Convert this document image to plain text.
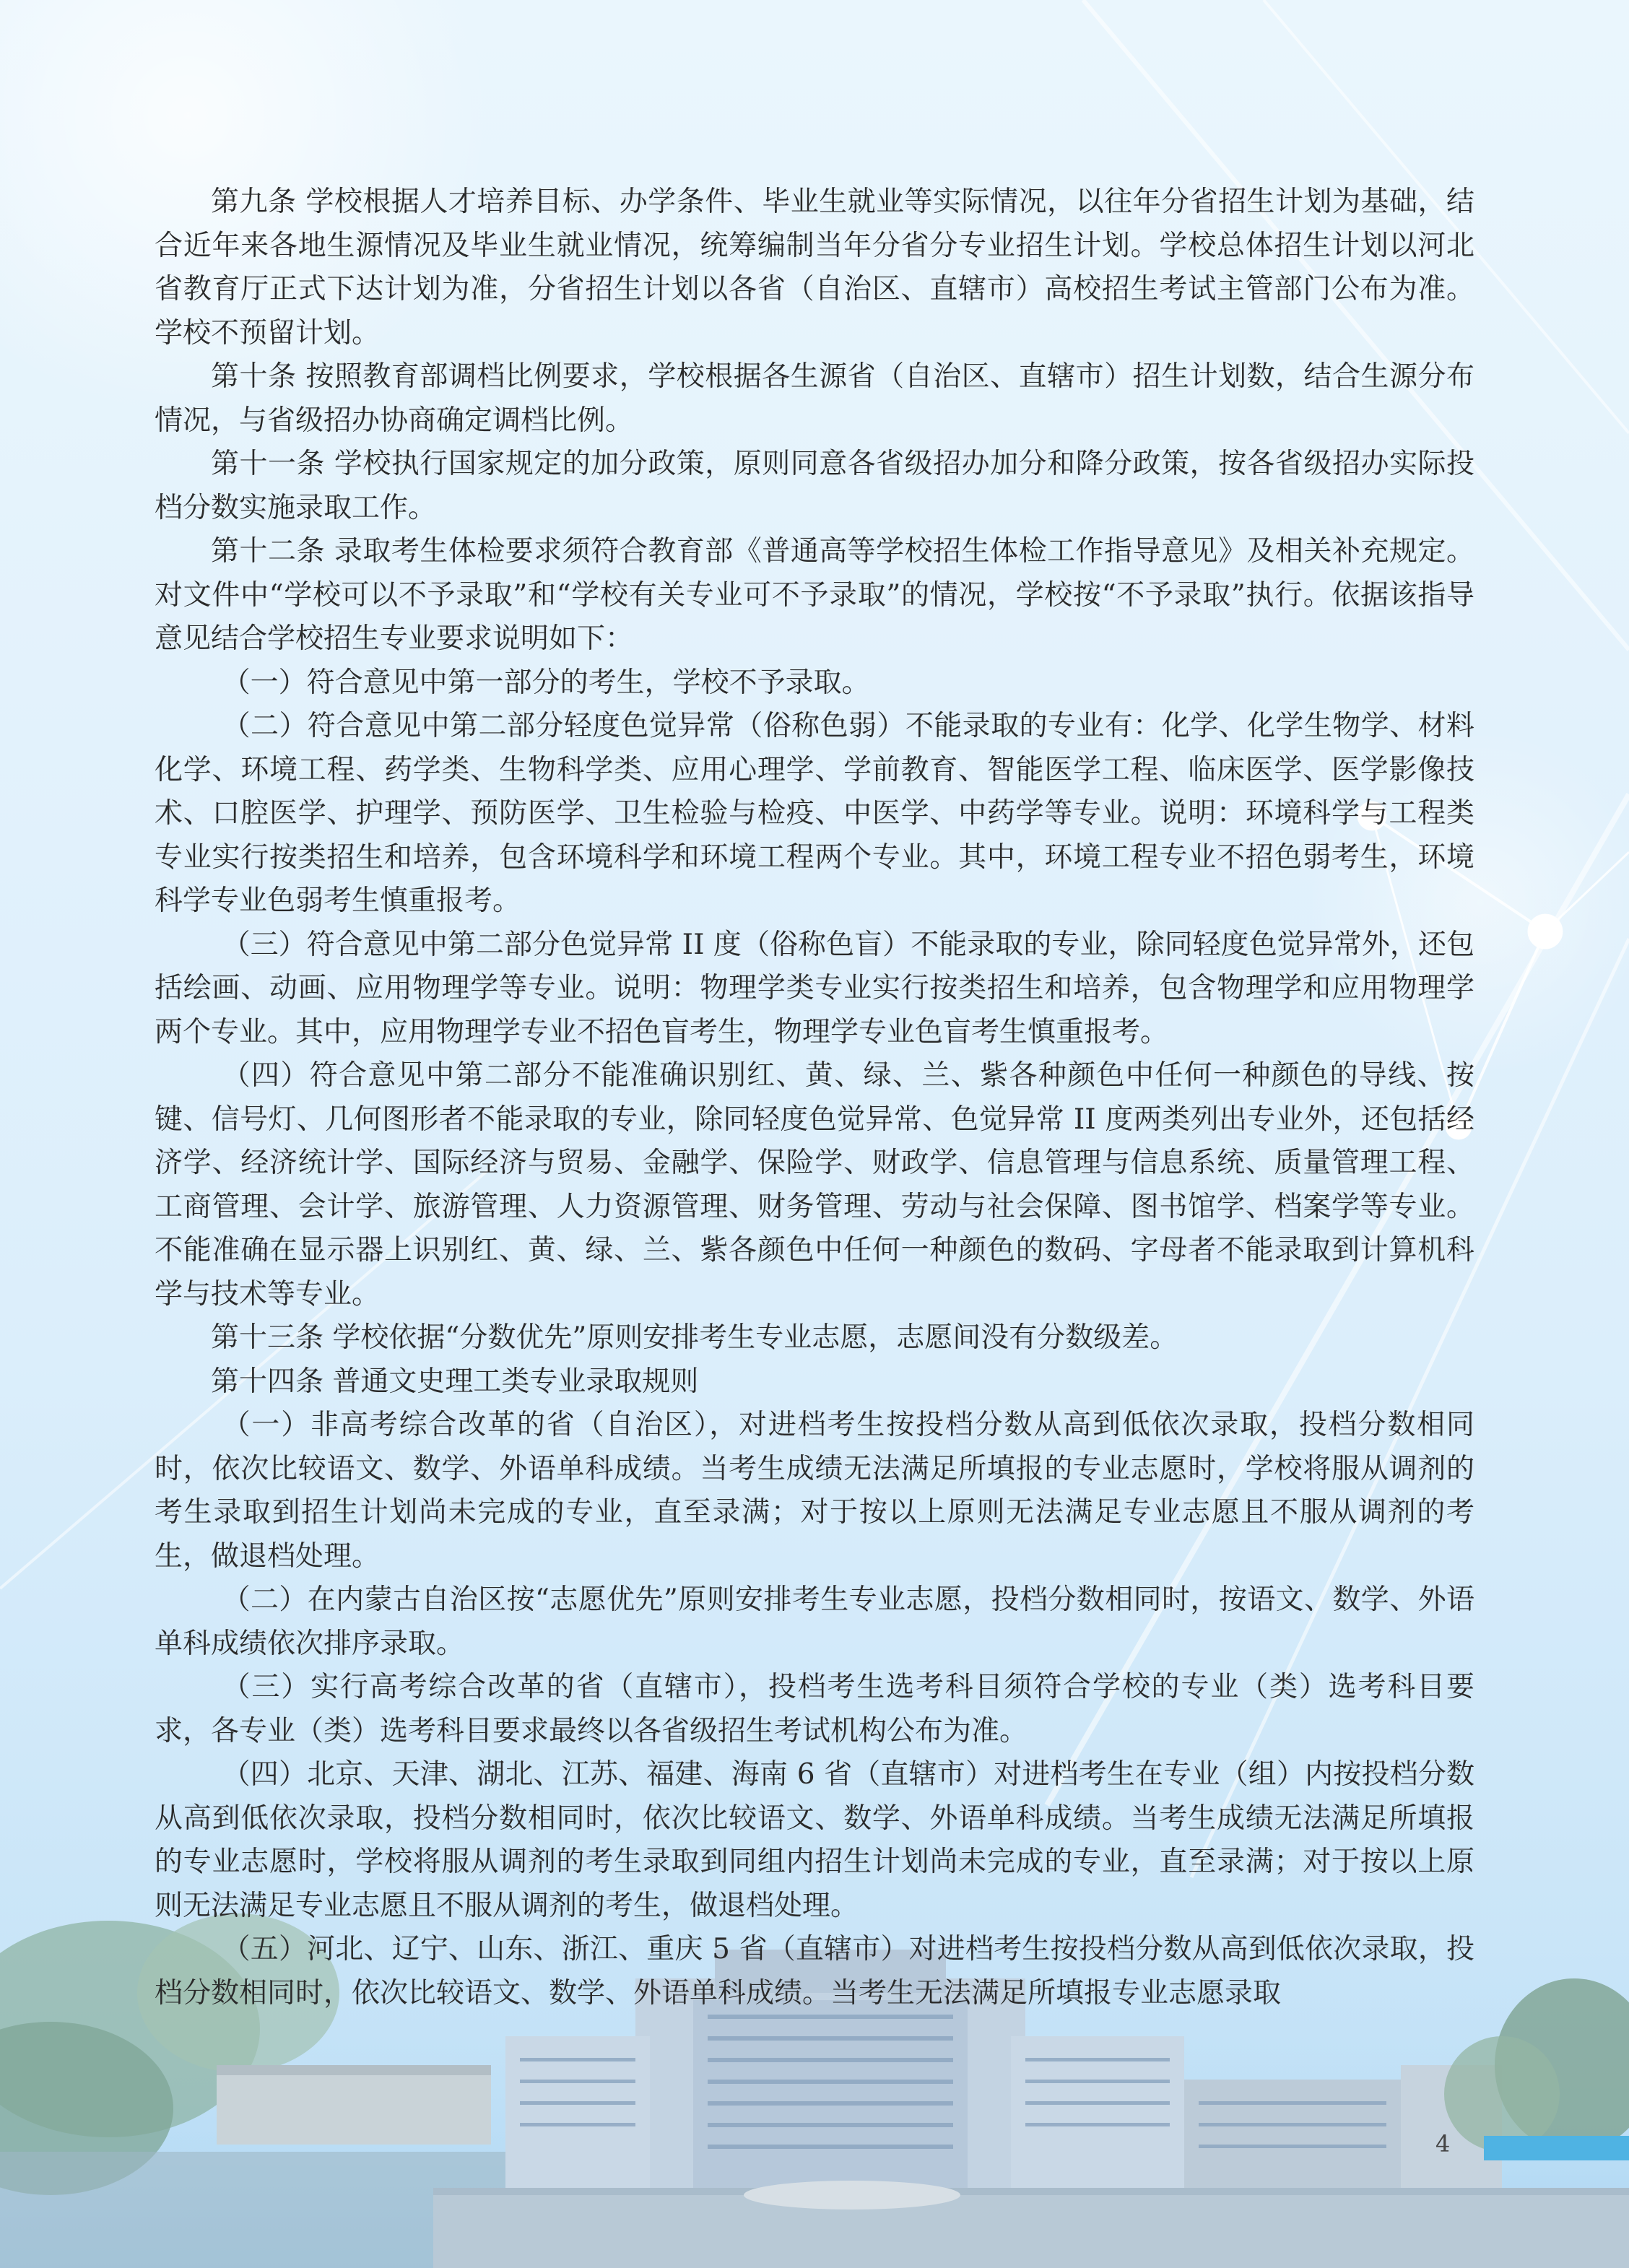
第九条 学校根据人才培养目标、办学条件、毕业生就业等实际情况，以往年分省招生计划为基础，结合近年来各地生源情况及毕业生就业情况，统筹编制当年分省分专业招生计划。学校总体招生计划以河北省教育厅正式下达计划为准，分省招生计划以各省（自治区、直辖市）高校招生考试主管部门公布为准。学校不预留计划。

第十条 按照教育部调档比例要求，学校根据各生源省（自治区、直辖市）招生计划数，结合生源分布情况，与省级招办协商确定调档比例。

第十一条 学校执行国家规定的加分政策，原则同意各省级招办加分和降分政策，按各省级招办实际投档分数实施录取工作。

第十二条 录取考生体检要求须符合教育部《普通高等学校招生体检工作指导意见》及相关补充规定。对文件中“学校可以不予录取”和“学校有关专业可不予录取”的情况，学校按“不予录取”执行。依据该指导意见结合学校招生专业要求说明如下：

（一）符合意见中第一部分的考生，学校不予录取。

（二）符合意见中第二部分轻度色觉异常（俗称色弱）不能录取的专业有：化学、化学生物学、材料化学、环境工程、药学类、生物科学类、应用心理学、学前教育、智能医学工程、临床医学、医学影像技术、口腔医学、护理学、预防医学、卫生检验与检疫、中医学、中药学等专业。说明：环境科学与工程类专业实行按类招生和培养，包含环境科学和环境工程两个专业。其中，环境工程专业不招色弱考生，环境科学专业色弱考生慎重报考。

（三）符合意见中第二部分色觉异常 II 度（俗称色盲）不能录取的专业，除同轻度色觉异常外，还包括绘画、动画、应用物理学等专业。说明：物理学类专业实行按类招生和培养，包含物理学和应用物理学两个专业。其中，应用物理学专业不招色盲考生，物理学专业色盲考生慎重报考。

（四）符合意见中第二部分不能准确识别红、黄、绿、兰、紫各种颜色中任何一种颜色的导线、按键、信号灯、几何图形者不能录取的专业，除同轻度色觉异常、色觉异常 II 度两类列出专业外，还包括经济学、经济统计学、国际经济与贸易、金融学、保险学、财政学、信息管理与信息系统、质量管理工程、工商管理、会计学、旅游管理、人力资源管理、财务管理、劳动与社会保障、图书馆学、档案学等专业。不能准确在显示器上识别红、黄、绿、兰、紫各颜色中任何一种颜色的数码、字母者不能录取到计算机科学与技术等专业。

第十三条 学校依据“分数优先”原则安排考生专业志愿，志愿间没有分数级差。

第十四条 普通文史理工类专业录取规则

（一）非高考综合改革的省（自治区），对进档考生按投档分数从高到低依次录取，投档分数相同时，依次比较语文、数学、外语单科成绩。当考生成绩无法满足所填报的专业志愿时，学校将服从调剂的考生录取到招生计划尚未完成的专业，直至录满；对于按以上原则无法满足专业志愿且不服从调剂的考生，做退档处理。

（二）在内蒙古自治区按“志愿优先”原则安排考生专业志愿，投档分数相同时，按语文、数学、外语单科成绩依次排序录取。

（三）实行高考综合改革的省（直辖市），投档考生选考科目须符合学校的专业（类）选考科目要求，各专业（类）选考科目要求最终以各省级招生考试机构公布为准。

（四）北京、天津、湖北、江苏、福建、海南 6 省（直辖市）对进档考生在专业（组）内按投档分数从高到低依次录取，投档分数相同时，依次比较语文、数学、外语单科成绩。当考生成绩无法满足所填报的专业志愿时，学校将服从调剂的考生录取到同组内招生计划尚未完成的专业，直至录满；对于按以上原则无法满足专业志愿且不服从调剂的考生，做退档处理。

（五）河北、辽宁、山东、浙江、重庆 5 省（直辖市）对进档考生按投档分数从高到低依次录取，投档分数相同时，依次比较语文、数学、外语单科成绩。当考生无法满足所填报专业志愿录取

4
